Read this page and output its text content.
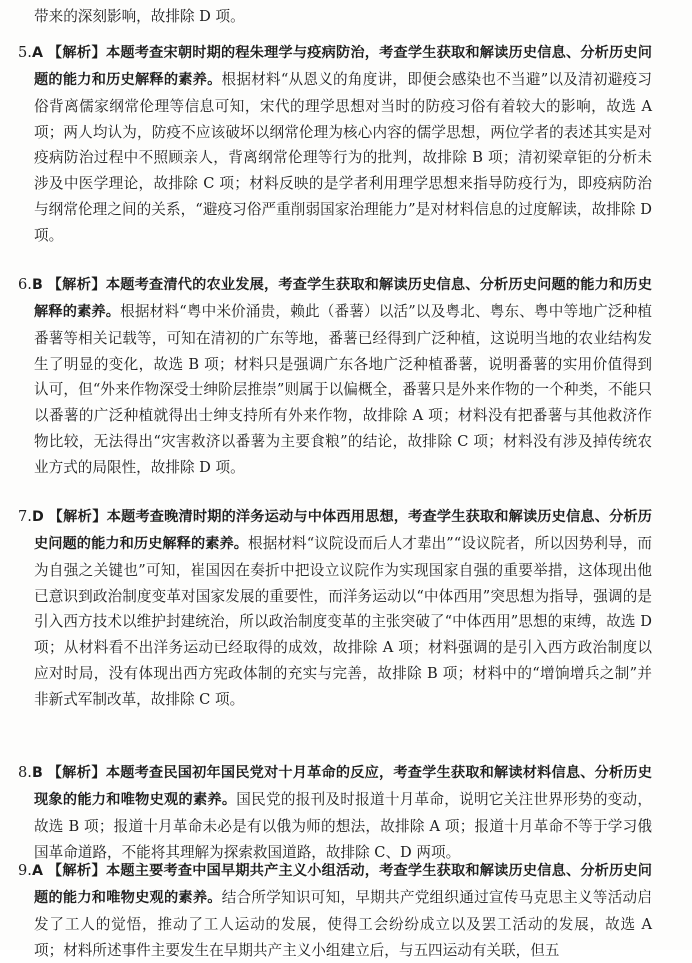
带来的深刻影响，故排除 D 项。
5.A 【解析】本题考查宋朝时期的程朱理学与疫病防治，考查学生获取和解读历史信息、分析历史问题的能力和历史解释的素养。根据材料“从恩义的角度讲，即便会感染也不当避”以及清初避疫习俗背离儒家纲常伦理等信息可知，宋代的理学思想对当时的防疫习俗有着较大的影响，故选 A 项；两人均认为，防疫不应该破坏以纲常伦理为核心内容的儒学思想，两位学者的表述其实是对疫病防治过程中不照顾亲人，背离纲常伦理等行为的批判，故排除 B 项；清初梁章钜的分析未涉及中医学理论，故排除 C 项；材料反映的是学者利用理学思想来指导防疫行为，即疫病防治与纲常伦理之间的关系，“避疫习俗严重削弱国家治理能力”是对材料信息的过度解读，故排除 D 项。
6.B 【解析】本题考查清代的农业发展，考查学生获取和解读历史信息、分析历史问题的能力和历史解释的素养。根据材料“粤中米价涌贵，赖此（番薯）以活”以及粤北、粤东、粤中等地广泛种植番薯等相关记载等，可知在清初的广东等地，番薯已经得到广泛种植，这说明当地的农业结构发生了明显的变化，故选 B 项；材料只是强调广东各地广泛种植番薯，说明番薯的实用价值得到认可，但“外来作物深受士绅阶层推崇”则属于以偏概全，番薯只是外来作物的一个种类，不能只以番薯的广泛种植就得出士绅支持所有外来作物，故排除 A 项；材料没有把番薯与其他救济作物比较，无法得出“灾害救济以番薯为主要食粮”的结论，故排除 C 项；材料没有涉及掉传统农业方式的局限性，故排除 D 项。
7.D 【解析】本题考查晚清时期的洋务运动与中体西用思想，考查学生获取和解读历史信息、分析历史问题的能力和历史解释的素养。根据材料“议院设而后人才辈出”“设议院者，所以因势利导，而为自强之关键也”可知，崔国因在奏折中把设立议院作为实现国家自强的重要举措，这体现出他已意识到政治制度变革对国家发展的重要性，而洋务运动以“中体西用”突思想为指导，强调的是引入西方技术以维护封建统治，所以政治制度变革的主张突破了“中体西用”思想的束缚，故选 D 项；从材料看不出洋务运动已经取得的成效，故排除 A 项；材料强调的是引入西方政治制度以应对时局，没有体现出西方宪政体制的充实与完善，故排除 B 项；材料中的“增饷增兵之制”并非新式军制改革，故排除 C 项。
8.B 【解析】本题考查民国初年国民党对十月革命的反应，考查学生获取和解读材料信息、分析历史现象的能力和唯物史观的素养。国民党的报刊及时报道十月革命，说明它关注世界形势的变动，故选 B 项；报道十月革命未必是有以俄为师的想法，故排除 A 项；报道十月革命不等于学习俄国革命道路，不能将其理解为探索救国道路，故排除 C、D 两项。
9.A 【解析】本题主要考查中国早期共产主义小组活动，考查学生获取和解读历史信息、分析历史问题的能力和唯物史观的素养。结合所学知识可知，早期共产党组织通过宣传马克思主义等活动启发了工人的觉悟，推动了工人运动的发展，使得工会纷纷成立以及罢工活动的发展，故选 A 项；材料所述事件主要发生在早期共产主义小组建立后，与五四运动有关联，但五
